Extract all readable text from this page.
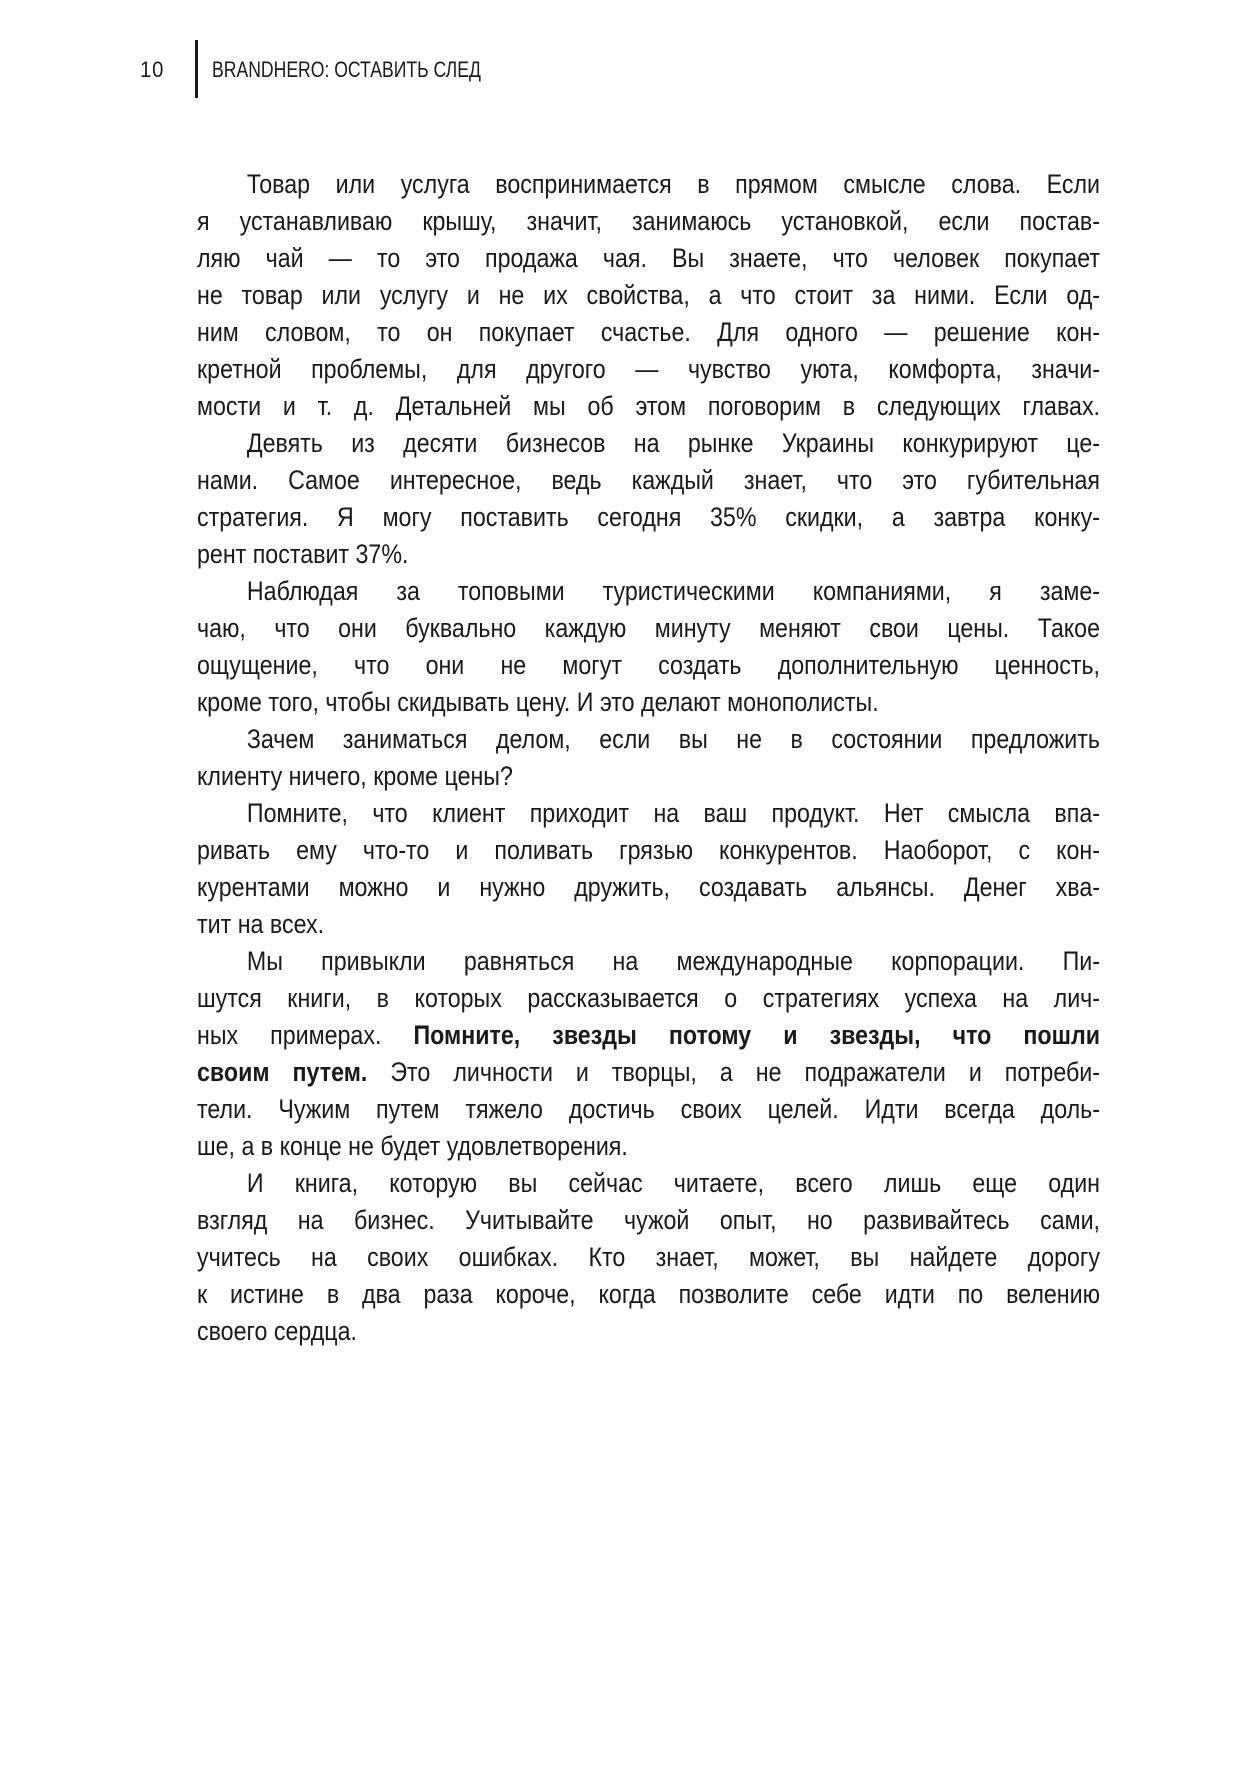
10 BRANDHERO: ОСТАВИТЬ СЛЕД
Товар или услуга воспринимается в прямом смысле слова. Если
я устанавливаю крышу, значит, занимаюсь установкой, если постав-
ляю чай — то это продажа чая. Вы знаете, что человек покупает
не товар или услугу и не их свойства, а что стоит за ними. Если од-
ним словом, то он покупает счастье. Для одного — решение кон-
кретной проблемы, для другого — чувство уюта, комфорта, значи-
мости и т. д. Детальней мы об этом поговорим в следующих главах.
Девять из десяти бизнесов на рынке Украины конкурируют це-
нами. Самое интересное, ведь каждый знает, что это губительная
стратегия. Я могу поставить сегодня 35% скидки, а завтра конку-
рент поставит 37%.
Наблюдая за топовыми туристическими компаниями, я заме-
чаю, что они буквально каждую минуту меняют свои цены. Такое
ощущение, что они не могут создать дополнительную ценность,
кроме того, чтобы скидывать цену. И это делают монополисты.
Зачем заниматься делом, если вы не в состоянии предложить
клиенту ничего, кроме цены?
Помните, что клиент приходит на ваш продукт. Нет смысла впа-
ривать ему что-то и поливать грязью конкурентов. Наоборот, с кон-
курентами можно и нужно дружить, создавать альянсы. Денег хва-
тит на всех.
Мы привыкли равняться на международные корпорации. Пи-
шутся книги, в которых рассказывается о стратегиях успеха на лич-
ных примерах. Помните, звезды потому и звезды, что пошли
своим путем. Это личности и творцы, а не подражатели и потреби-
тели. Чужим путем тяжело достичь своих целей. Идти всегда доль-
ше, а в конце не будет удовлетворения.
И книга, которую вы сейчас читаете, всего лишь еще один
взгляд на бизнес. Учитывайте чужой опыт, но развивайтесь сами,
учитесь на своих ошибках. Кто знает, может, вы найдете дорогу
к истине в два раза короче, когда позволите себе идти по велению
своего сердца.
